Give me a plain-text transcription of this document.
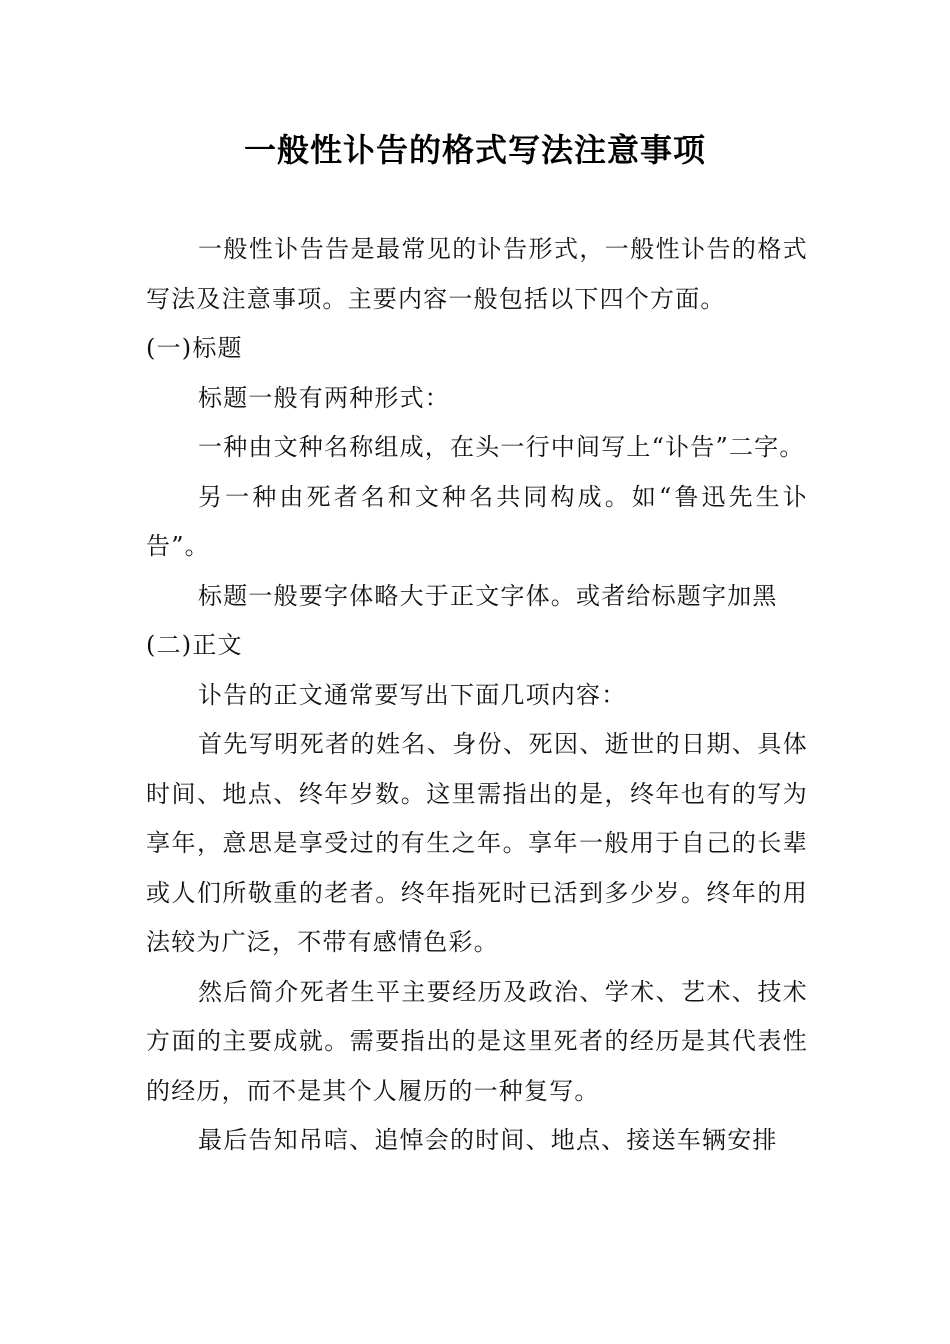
一般性讣告的格式写法注意事项

一般性讣告告是最常见的讣告形式，一般性讣告的格式写法及注意事项。主要内容一般包括以下四个方面。

(一)标题

标题一般有两种形式：

一种由文种名称组成，在头一行中间写上“讣告”二字。

另一种由死者名和文种名共同构成。如“鲁迅先生讣告”。

标题一般要字体略大于正文字体。或者给标题字加黑

(二)正文

讣告的正文通常要写出下面几项内容：

首先写明死者的姓名、身份、死因、逝世的日期、具体时间、地点、终年岁数。这里需指出的是，终年也有的写为享年，意思是享受过的有生之年。享年一般用于自己的长辈或人们所敬重的老者。终年指死时已活到多少岁。终年的用法较为广泛，不带有感情色彩。

然后简介死者生平主要经历及政治、学术、艺术、技术方面的主要成就。需要指出的是这里死者的经历是其代表性的经历，而不是其个人履历的一种复写。

最后告知吊唁、追悼会的时间、地点、接送车辆安排
